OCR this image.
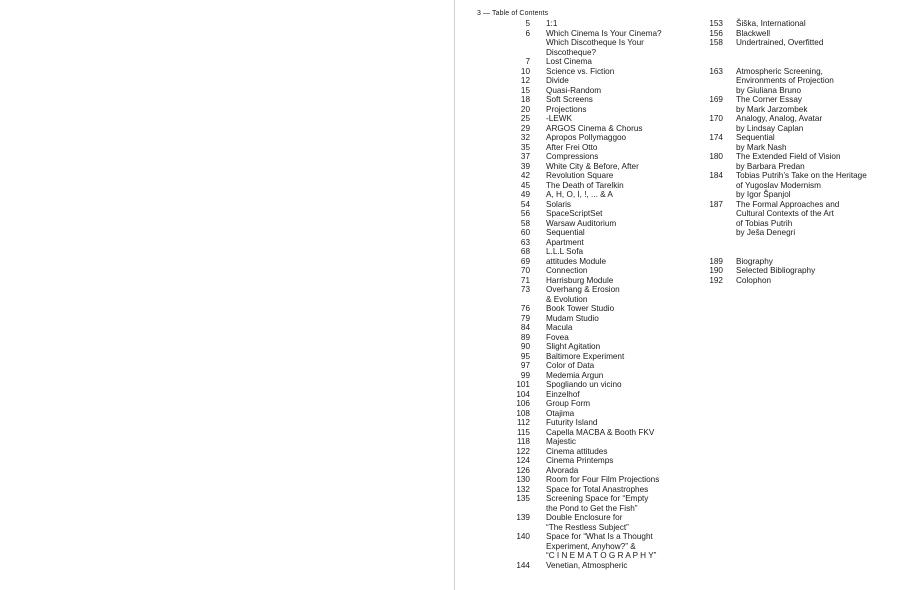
3 — Table of Contents
5 1:1
6 Which Cinema Is Your Cinema?
Which Discotheque Is Your
Discotheque?
7 Lost Cinema
10 Science vs. Fiction
12 Divide
15 Quasi-Random
18 Soft Screens
20 Projections
25 -LEWK
29 ARGOS Cinema & Chorus
32 Apropos Pollymaggoo
35 After Frei Otto
37 Compressions
39 White City & Before, After
42 Revolution Square
45 The Death of Tarelkin
49 A, H, O, I, !, ... & A
54 Solaris
56 SpaceScriptSet
58 Warsaw Auditorium
60 Sequential
63 Apartment
68 L.L.L Sofa
69 attitudes Module
70 Connection
71 Harrisburg Module
73 Overhang & Erosion
& Evolution
76 Book Tower Studio
79 Mudam Studio
84 Macula
89 Fovea
90 Slight Agitation
95 Baltimore Experiment
97 Color of Data
99 Medemia Argun
101 Spogliando un vicino
104 Einzelhof
106 Group Form
108 Otajima
112 Futurity Island
115 Capella MACBA & Booth FKV
118 Majestic
122 Cinema attitudes
124 Cinema Printemps
126 Alvorada
130 Room for Four Film Projections
132 Space for Total Anastrophes
135 Screening Space for “Empty
the Pond to Get the Fish”
139 Double Enclosure for
“The Restless Subject”
140 Space for “What Is a Thought
Experiment, Anyhow?” &
“C I N E M A T O G R A P H Y”
144 Venetian, Atmospheric
153 Šiška, International
156 Blackwell
158 Undertrained, Overfitted
163 Atmospheric Screening,
Environments of Projection
by Giuliana Bruno
169 The Corner Essay
by Mark Jarzombek
170 Analogy, Analog, Avatar
by Lindsay Caplan
174 Sequential
by Mark Nash
180 The Extended Field of Vision
by Barbara Predan
184 Tobias Putrih’s Take on the Heritage
of Yugoslav Modernism
by Igor Španjol
187 The Formal Approaches and
Cultural Contexts of the Art
of Tobias Putrih
by Ješa Denegri
189 Biography
190 Selected Bibliography
192 Colophon
